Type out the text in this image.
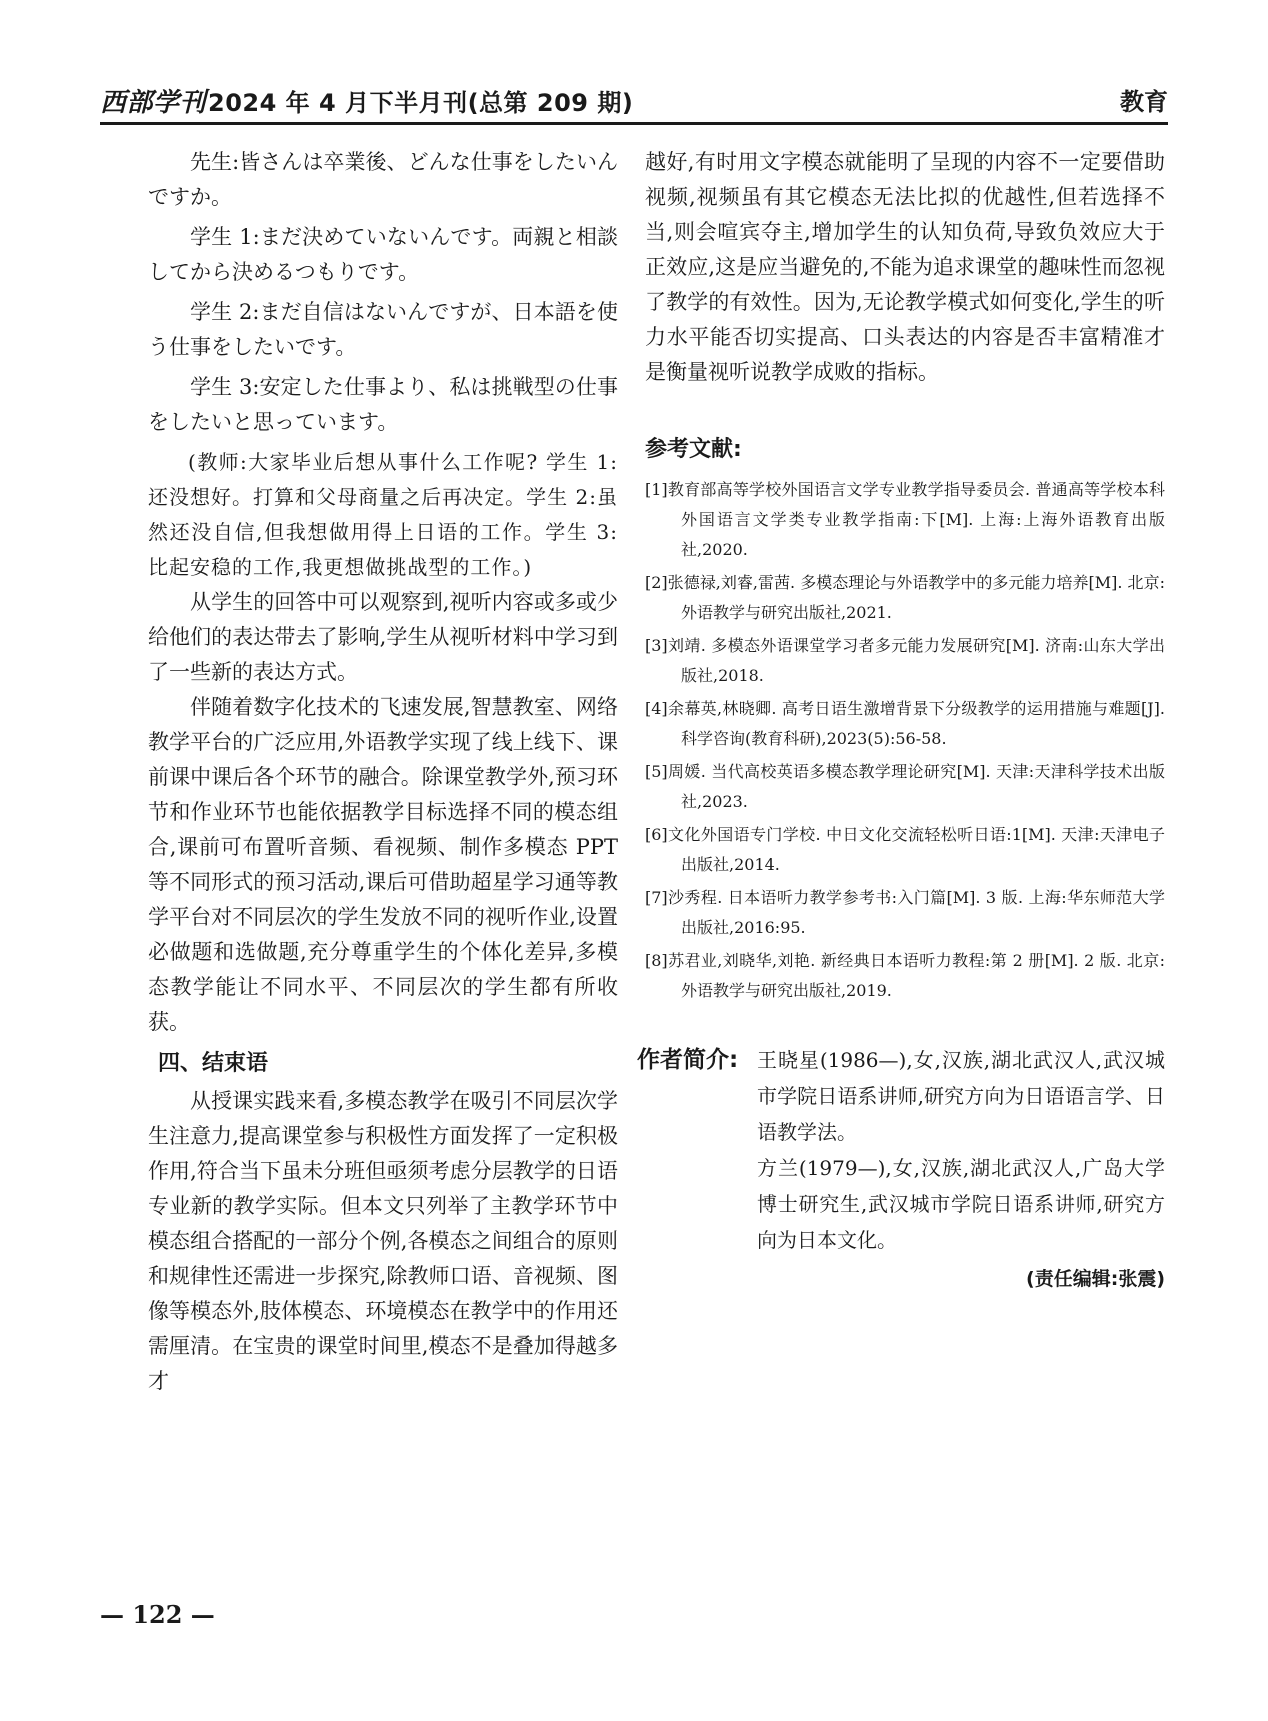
西部学刊2024 年 4 月下半月刊(总第 209 期)	教育

先生:皆さんは卒業後、どんな仕事をしたいんですか。

学生 1:まだ決めていないんです。両親と相談してから決めるつもりです。

学生 2:まだ自信はないんですが、日本語を使う仕事をしたいです。

学生 3:安定した仕事より、私は挑戦型の仕事をしたいと思っています。

(教师:大家毕业后想从事什么工作呢? 学生 1:还没想好。打算和父母商量之后再决定。学生 2:虽然还没自信,但我想做用得上日语的工作。学生 3:比起安稳的工作,我更想做挑战型的工作。)

从学生的回答中可以观察到,视听内容或多或少给他们的表达带去了影响,学生从视听材料中学习到了一些新的表达方式。

伴随着数字化技术的飞速发展,智慧教室、网络教学平台的广泛应用,外语教学实现了线上线下、课前课中课后各个环节的融合。除课堂教学外,预习环节和作业环节也能依据教学目标选择不同的模态组合,课前可布置听音频、看视频、制作多模态 PPT 等不同形式的预习活动,课后可借助超星学习通等教学平台对不同层次的学生发放不同的视听作业,设置必做题和选做题,充分尊重学生的个体化差异,多模态教学能让不同水平、不同层次的学生都有所收获。

四、结束语

从授课实践来看,多模态教学在吸引不同层次学生注意力,提高课堂参与积极性方面发挥了一定积极作用,符合当下虽未分班但亟须考虑分层教学的日语专业新的教学实际。但本文只列举了主教学环节中模态组合搭配的一部分个例,各模态之间组合的原则和规律性还需进一步探究,除教师口语、音视频、图像等模态外,肢体模态、环境模态在教学中的作用还需厘清。在宝贵的课堂时间里,模态不是叠加得越多才

越好,有时用文字模态就能明了呈现的内容不一定要借助视频,视频虽有其它模态无法比拟的优越性,但若选择不当,则会喧宾夺主,增加学生的认知负荷,导致负效应大于正效应,这是应当避免的,不能为追求课堂的趣味性而忽视了教学的有效性。因为,无论教学模式如何变化,学生的听力水平能否切实提高、口头表达的内容是否丰富精准才是衡量视听说教学成败的指标。

参考文献:
[1]教育部高等学校外国语言文学专业教学指导委员会. 普通高等学校本科外国语言文学类专业教学指南:下[M]. 上海:上海外语教育出版社,2020.
[2]张德禄,刘睿,雷茜. 多模态理论与外语教学中的多元能力培养[M]. 北京:外语教学与研究出版社,2021.
[3]刘靖. 多模态外语课堂学习者多元能力发展研究[M]. 济南:山东大学出版社,2018.
[4]余幕英,林晓卿. 高考日语生激增背景下分级教学的运用措施与难题[J]. 科学咨询(教育科研),2023(5):56-58.
[5]周媛. 当代高校英语多模态教学理论研究[M]. 天津:天津科学技术出版社,2023.
[6]文化外国语专门学校. 中日文化交流轻松听日语:1[M]. 天津:天津电子出版社,2014.
[7]沙秀程. 日本语听力教学参考书:入门篇[M]. 3 版. 上海:华东师范大学出版社,2016:95.
[8]苏君业,刘晓华,刘艳. 新经典日本语听力教程:第 2 册[M]. 2 版. 北京:外语教学与研究出版社,2019.
作者简介: 王晓星(1986—),女,汉族,湖北武汉人,武汉城市学院日语系讲师,研究方向为日语语言学、日语教学法。

方兰(1979—),女,汉族,湖北武汉人,广岛大学博士研究生,武汉城市学院日语系讲师,研究方向为日本文化。

(责任编辑:张震)
— 122 —
